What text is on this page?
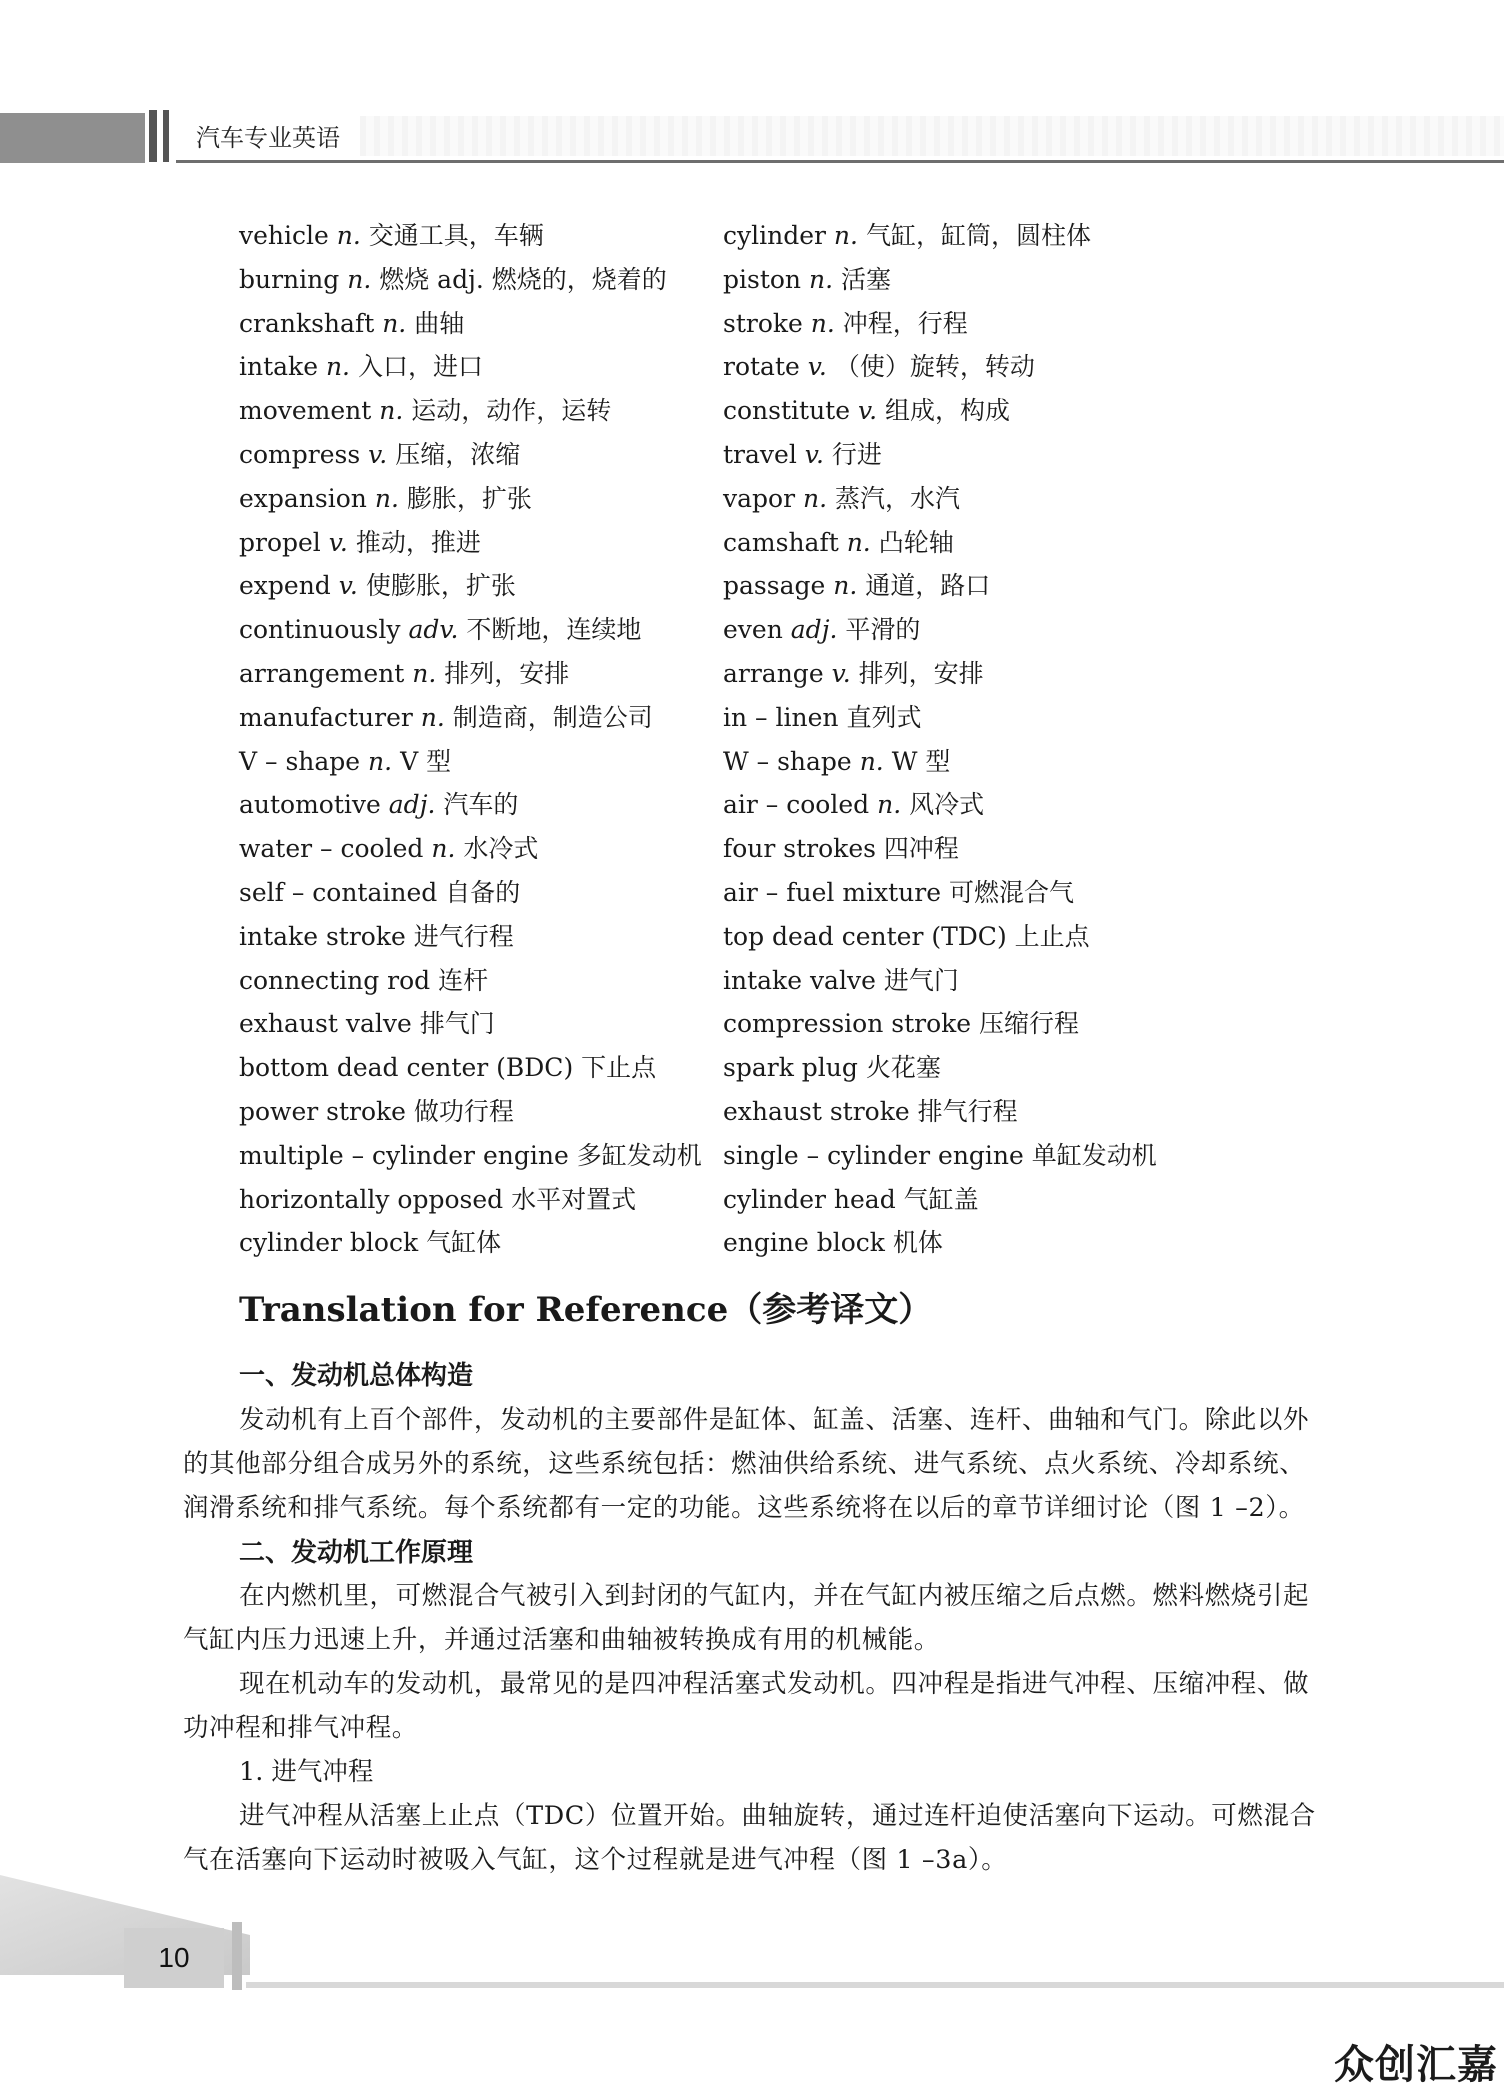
汽车专业英语
vehicle n. 交通工具，车辆
burning n. 燃烧 adj. 燃烧的，烧着的
crankshaft n. 曲轴
intake n. 入口，进口
movement n. 运动，动作，运转
compress v. 压缩，浓缩
expansion n. 膨胀，扩张
propel v. 推动，推进
expend v. 使膨胀，扩张
continuously adv. 不断地，连续地
arrangement n. 排列，安排
manufacturer n. 制造商，制造公司
V – shape n. V 型
automotive adj. 汽车的
water – cooled n. 水冷式
self – contained 自备的
intake stroke 进气行程
connecting rod 连杆
exhaust valve 排气门
bottom dead center (BDC) 下止点
power stroke 做功行程
multiple – cylinder engine 多缸发动机
horizontally opposed 水平对置式
cylinder block 气缸体
cylinder n. 气缸，缸筒，圆柱体
piston n. 活塞
stroke n. 冲程，行程
rotate v. （使）旋转，转动
constitute v. 组成，构成
travel v. 行进
vapor n. 蒸汽，水汽
camshaft n. 凸轮轴
passage n. 通道，路口
even adj. 平滑的
arrange v. 排列，安排
in – linen 直列式
W – shape n. W 型
air – cooled n. 风冷式
four strokes 四冲程
air – fuel mixture 可燃混合气
top dead center (TDC) 上止点
intake valve 进气门
compression stroke 压缩行程
spark plug 火花塞
exhaust stroke 排气行程
single – cylinder engine 单缸发动机
cylinder head 气缸盖
engine block 机体
Translation for Reference（参考译文）
一、发动机总体构造

发动机有上百个部件，发动机的主要部件是缸体、缸盖、活塞、连杆、曲轴和气门。除此以外的其他部分组合成另外的系统，这些系统包括：燃油供给系统、进气系统、点火系统、冷却系统、润滑系统和排气系统。每个系统都有一定的功能。这些系统将在以后的章节详细讨论（图 1 –2）。

二、发动机工作原理

在内燃机里，可燃混合气被引入到封闭的气缸内，并在气缸内被压缩之后点燃。燃料燃烧引起气缸内压力迅速上升，并通过活塞和曲轴被转换成有用的机械能。

现在机动车的发动机，最常见的是四冲程活塞式发动机。四冲程是指进气冲程、压缩冲程、做功冲程和排气冲程。

1. 进气冲程

进气冲程从活塞上止点（TDC）位置开始。曲轴旋转，通过连杆迫使活塞向下运动。可燃混合气在活塞向下运动时被吸入气缸，这个过程就是进气冲程（图 1 –3a）。

10
众创汇嘉
